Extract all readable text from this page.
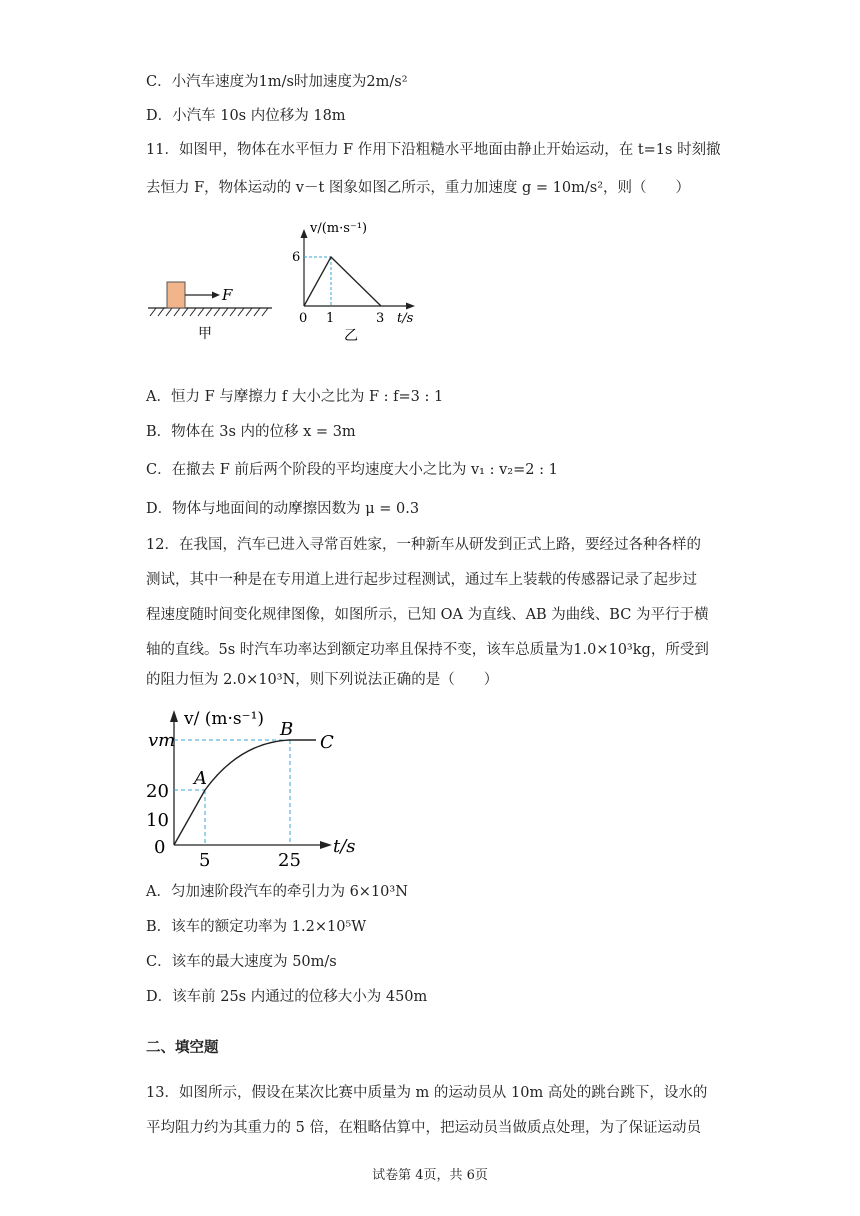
C．小汽车速度为1m/s时加速度为2m/s²
D．小汽车 10s 内位移为 18m
11．如图甲，物体在水平恒力 F 作用下沿粗糙水平地面由静止开始运动，在 t=1s 时刻撤
去恒力 F，物体运动的 v－t 图象如图乙所示，重力加速度 g = 10m/s²，则（　　）
F
甲
v/(m·s⁻¹)
t/s
6
0 1	3
乙
A．恒力 F 与摩擦力 f 大小之比为 F : f=3 : 1
B．物体在 3s 内的位移 x = 3m
C．在撤去 F 前后两个阶段的平均速度大小之比为 v₁ : v₂=2 : 1
D．物体与地面间的动摩擦因数为 μ = 0.3
12．在我国，汽车已进入寻常百姓家，一种新车从研发到正式上路，要经过各种各样的
测试，其中一种是在专用道上进行起步过程测试，通过车上装载的传感器记录了起步过
程速度随时间变化规律图像，如图所示，已知 OA 为直线、AB 为曲线、BC 为平行于横
轴的直线。5s 时汽车功率达到额定功率且保持不变，该车总质量为1.0×10³kg，所受到
的阻力恒为 2.0×10³N，则下列说法正确的是（　　）
v/ (m·s⁻¹)
t/s
vm
20
10
0
5	25
A
B
C
A．匀加速阶段汽车的牵引力为 6×10³N
B．该车的额定功率为 1.2×10⁵W
C．该车的最大速度为 50m/s
D．该车前 25s 内通过的位移大小为 450m
二、填空题
13．如图所示，假设在某次比赛中质量为 m 的运动员从 10m 高处的跳台跳下，设水的
平均阻力约为其重力的 5 倍，在粗略估算中，把运动员当做质点处理，为了保证运动员
试卷第 4页，共 6页
